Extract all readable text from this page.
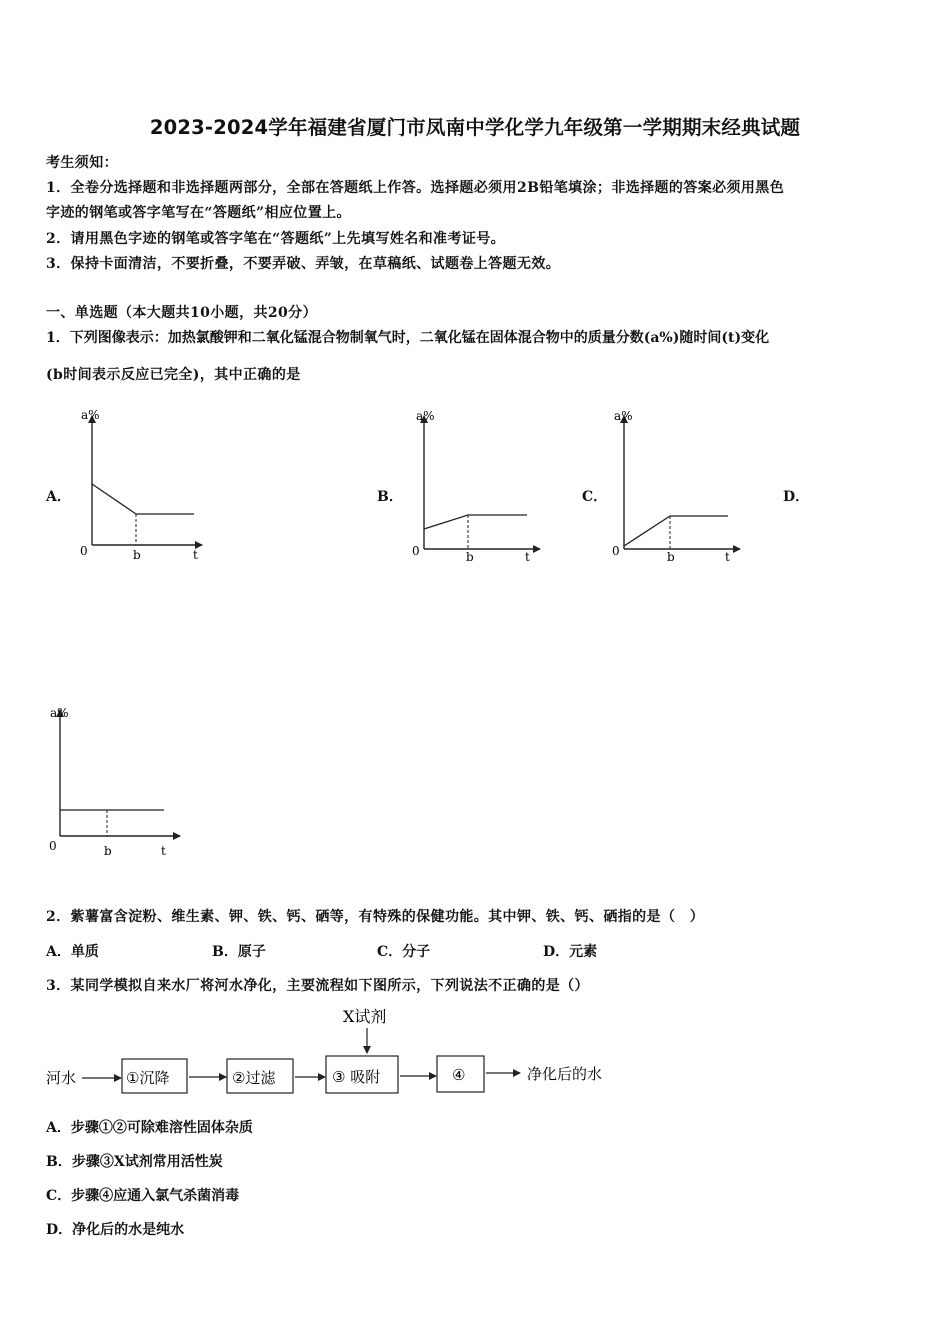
2023-2024学年福建省厦门市凤南中学化学九年级第一学期期末经典试题
考生须知：
1．全卷分选择题和非选择题两部分，全部在答题纸上作答。选择题必须用2B铅笔填涂；非选择题的答案必须用黑色
字迹的钢笔或答字笔写在“答题纸”相应位置上。
2．请用黑色字迹的钢笔或答字笔在“答题纸”上先填写姓名和准考证号。
3．保持卡面清洁，不要折叠，不要弄破、弄皱，在草稿纸、试题卷上答题无效。
一、单选题（本大题共10小题，共20分）
1．下列图像表示：加热氯酸钾和二氧化锰混合物制氧气时，二氧化锰在固体混合物中的质量分数(a%)随时间(t)变化
(b时间表示反应已完全)，其中正确的是
A．	B．	C．	D．
a%
0	b	t
a%
0	b	t
a%
0	b	t
a%
0	b	t
2．紫薯富含淀粉、维生素、钾、铁、钙、硒等，有特殊的保健功能。其中钾、铁、钙、硒指的是（　）
A．单质	B．原子	C．分子	D．元素
3．某同学模拟自来水厂将河水净化，主要流程如下图所示，下列说法不正确的是（）
X试剂
河水	①沉降	②过滤	③ 吸附	④	净化后的水
A．步骤①②可除难溶性固体杂质
B．步骤③X试剂常用活性炭
C．步骤④应通入氯气杀菌消毒
D．净化后的水是纯水
